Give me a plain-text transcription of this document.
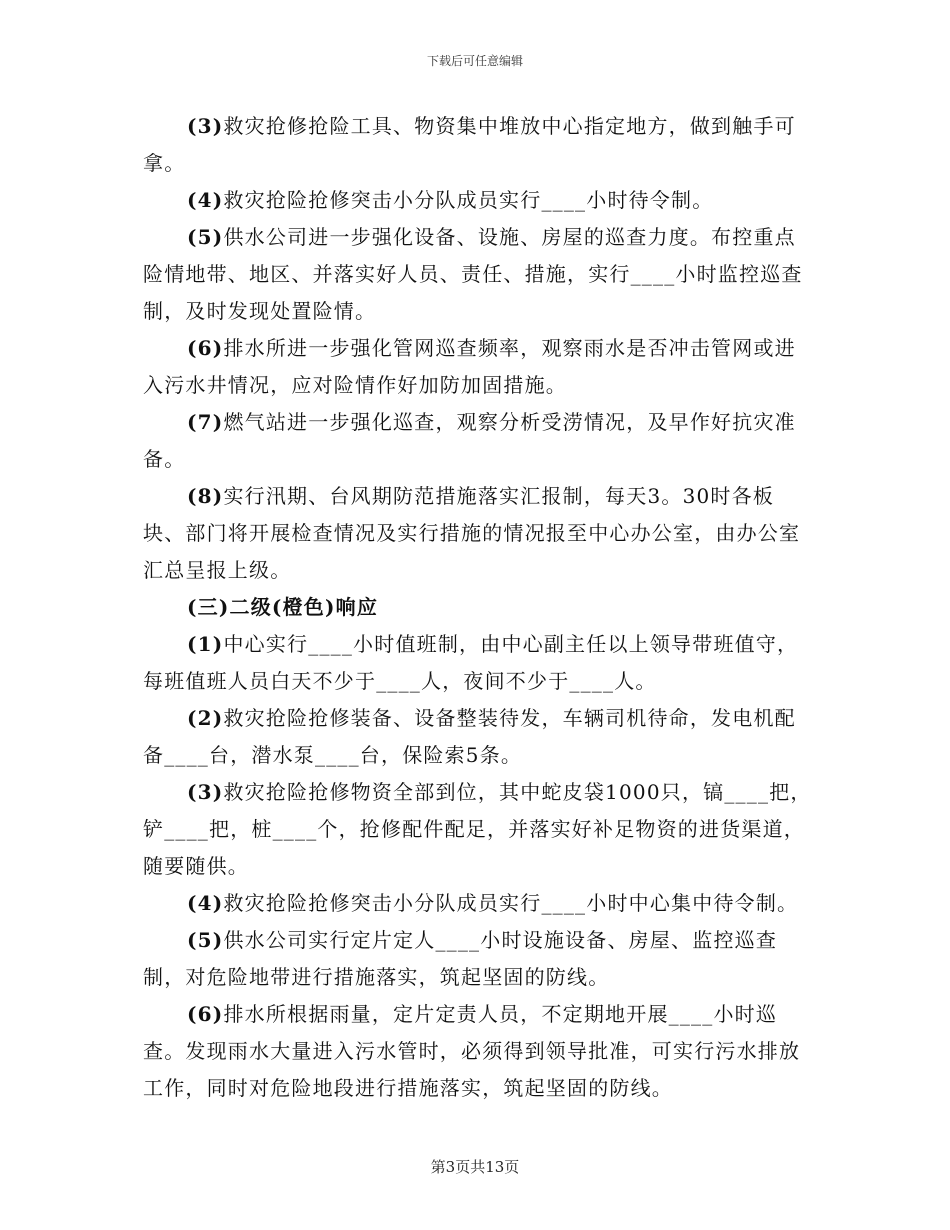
下载后可任意编辑

(3)救灾抢修抢险工具、物资集中堆放中心指定地方，做到触手可拿。

(4)救灾抢险抢修突击小分队成员实行____小时待令制。

(5)供水公司进一步强化设备、设施、房屋的巡查力度。布控重点险情地带、地区、并落实好人员、责任、措施，实行____小时监控巡查制，及时发现处置险情。

(6)排水所进一步强化管网巡查频率，观察雨水是否冲击管网或进入污水井情况，应对险情作好加防加固措施。

(7)燃气站进一步强化巡查，观察分析受涝情况，及早作好抗灾准备。

(8)实行汛期、台风期防范措施落实汇报制，每天3。30时各板块、部门将开展检查情况及实行措施的情况报至中心办公室，由办公室汇总呈报上级。

(三)二级(橙色)响应

(1)中心实行____小时值班制，由中心副主任以上领导带班值守，每班值班人员白天不少于____人，夜间不少于____人。

(2)救灾抢险抢修装备、设备整装待发，车辆司机待命，发电机配备____台，潜水泵____台，保险索5条。

(3)救灾抢险抢修物资全部到位，其中蛇皮袋1000只，镐____把，铲____把，桩____个，抢修配件配足，并落实好补足物资的进货渠道，随要随供。

(4)救灾抢险抢修突击小分队成员实行____小时中心集中待令制。

(5)供水公司实行定片定人____小时设施设备、房屋、监控巡查制，对危险地带进行措施落实，筑起坚固的防线。

(6)排水所根据雨量，定片定责人员，不定期地开展____小时巡查。发现雨水大量进入污水管时，必须得到领导批准，可实行污水排放工作，同时对危险地段进行措施落实，筑起坚固的防线。

第3页共13页
